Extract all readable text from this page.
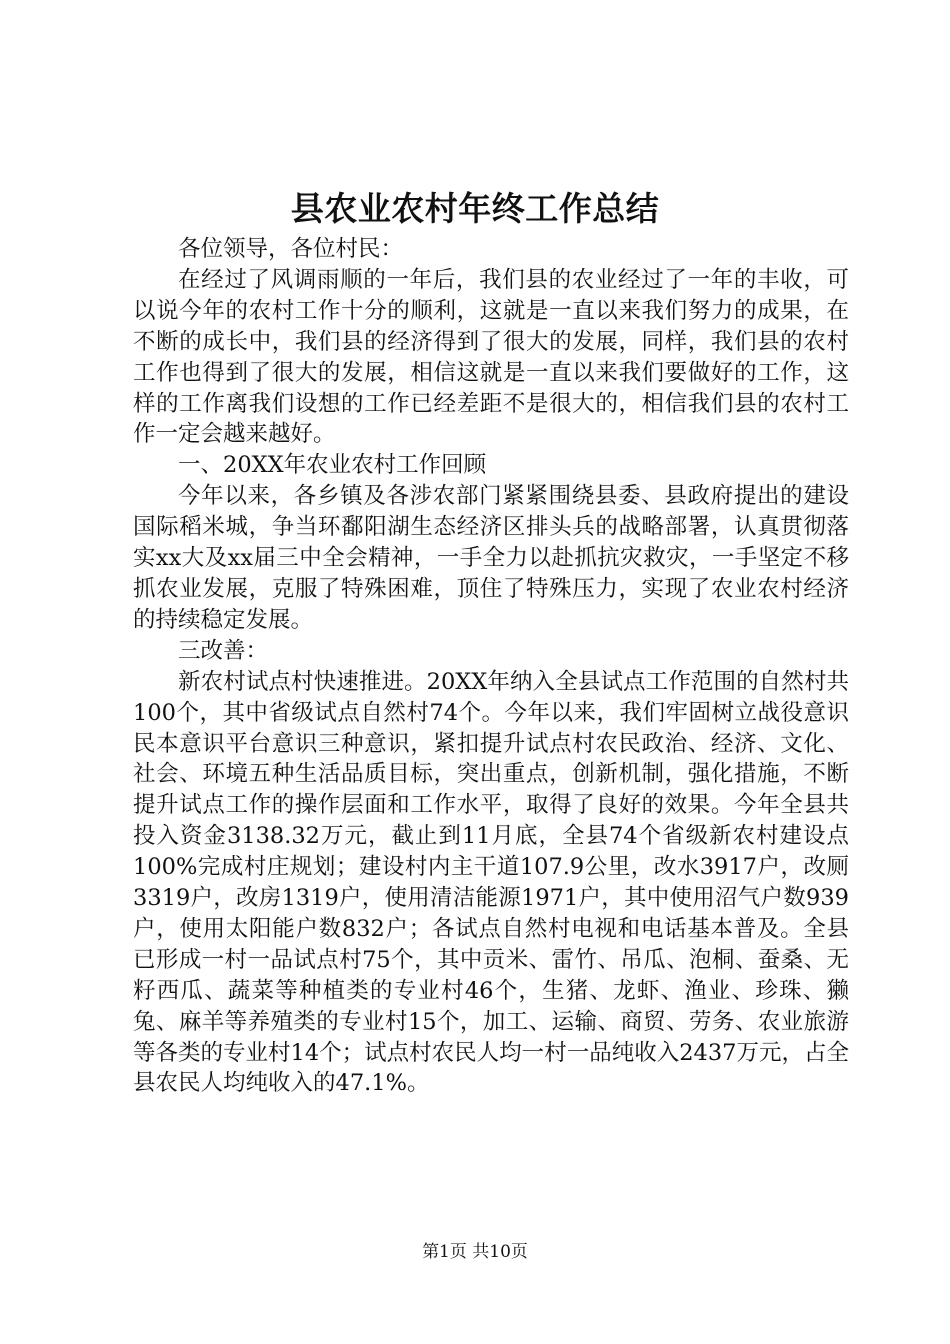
县农业农村年终工作总结

各位领导，各位村民：

在经过了风调雨顺的一年后，我们县的农业经过了一年的丰收，可以说今年的农村工作十分的顺利，这就是一直以来我们努力的成果，在不断的成长中，我们县的经济得到了很大的发展，同样，我们县的农村工作也得到了很大的发展，相信这就是一直以来我们要做好的工作，这样的工作离我们设想的工作已经差距不是很大的，相信我们县的农村工作一定会越来越好。

一、20XX年农业农村工作回顾

今年以来，各乡镇及各涉农部门紧紧围绕县委、县政府提出的建设国际稻米城，争当环鄱阳湖生态经济区排头兵的战略部署，认真贯彻落实xx大及xx届三中全会精神，一手全力以赴抓抗灾救灾，一手坚定不移抓农业发展，克服了特殊困难，顶住了特殊压力，实现了农业农村经济的持续稳定发展。

三改善：

新农村试点村快速推进。20XX年纳入全县试点工作范围的自然村共100个，其中省级试点自然村74个。今年以来，我们牢固树立战役意识民本意识平台意识三种意识，紧扣提升试点村农民政治、经济、文化、社会、环境五种生活品质目标，突出重点，创新机制，强化措施，不断提升试点工作的操作层面和工作水平，取得了良好的效果。今年全县共投入资金3138.32万元，截止到11月底，全县74个省级新农村建设点100%完成村庄规划；建设村内主干道107.9公里，改水3917户，改厕3319户，改房1319户，使用清洁能源1971户，其中使用沼气户数939户，使用太阳能户数832户；各试点自然村电视和电话基本普及。全县已形成一村一品试点村75个，其中贡米、雷竹、吊瓜、泡桐、蚕桑、无籽西瓜、蔬菜等种植类的专业村46个，生猪、龙虾、渔业、珍珠、獭兔、麻羊等养殖类的专业村15个，加工、运输、商贸、劳务、农业旅游等各类的专业村14个；试点村农民人均一村一品纯收入2437万元，占全县农民人均纯收入的47.1%。

第1页 共10页
